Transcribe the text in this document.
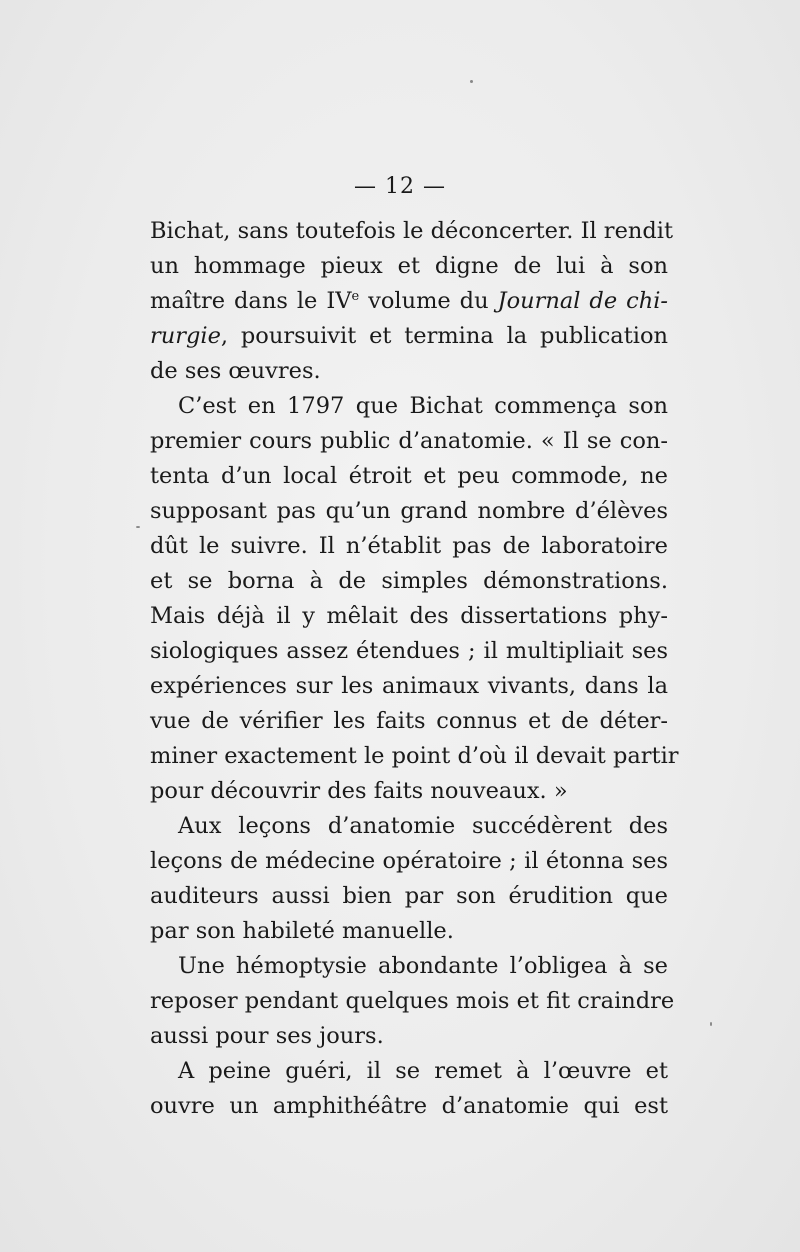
— 12 —
Bichat, sans toutefois le déconcerter. Il rendit
un hommage pieux et digne de lui à son
maître dans le IVe volume du Journal de chi-
rurgie, poursuivit et termina la publication
de ses œuvres.
C’est en 1797 que Bichat commença son
premier cours public d’anatomie. « Il se con-
tenta d’un local étroit et peu commode, ne
supposant pas qu’un grand nombre d’élèves
dût le suivre. Il n’établit pas de laboratoire
et se borna à de simples démonstrations.
Mais déjà il y mêlait des dissertations phy-
siologiques assez étendues ; il multipliait ses
expériences sur les animaux vivants, dans la
vue de vérifier les faits connus et de déter-
miner exactement le point d’où il devait partir
pour découvrir des faits nouveaux. »
Aux leçons d’anatomie succédèrent des
leçons de médecine opératoire ; il étonna ses
auditeurs aussi bien par son érudition que
par son habileté manuelle.
Une hémoptysie abondante l’obligea à se
reposer pendant quelques mois et fit craindre
aussi pour ses jours.
A peine guéri, il se remet à l’œuvre et
ouvre un amphithéâtre d’anatomie qui est
